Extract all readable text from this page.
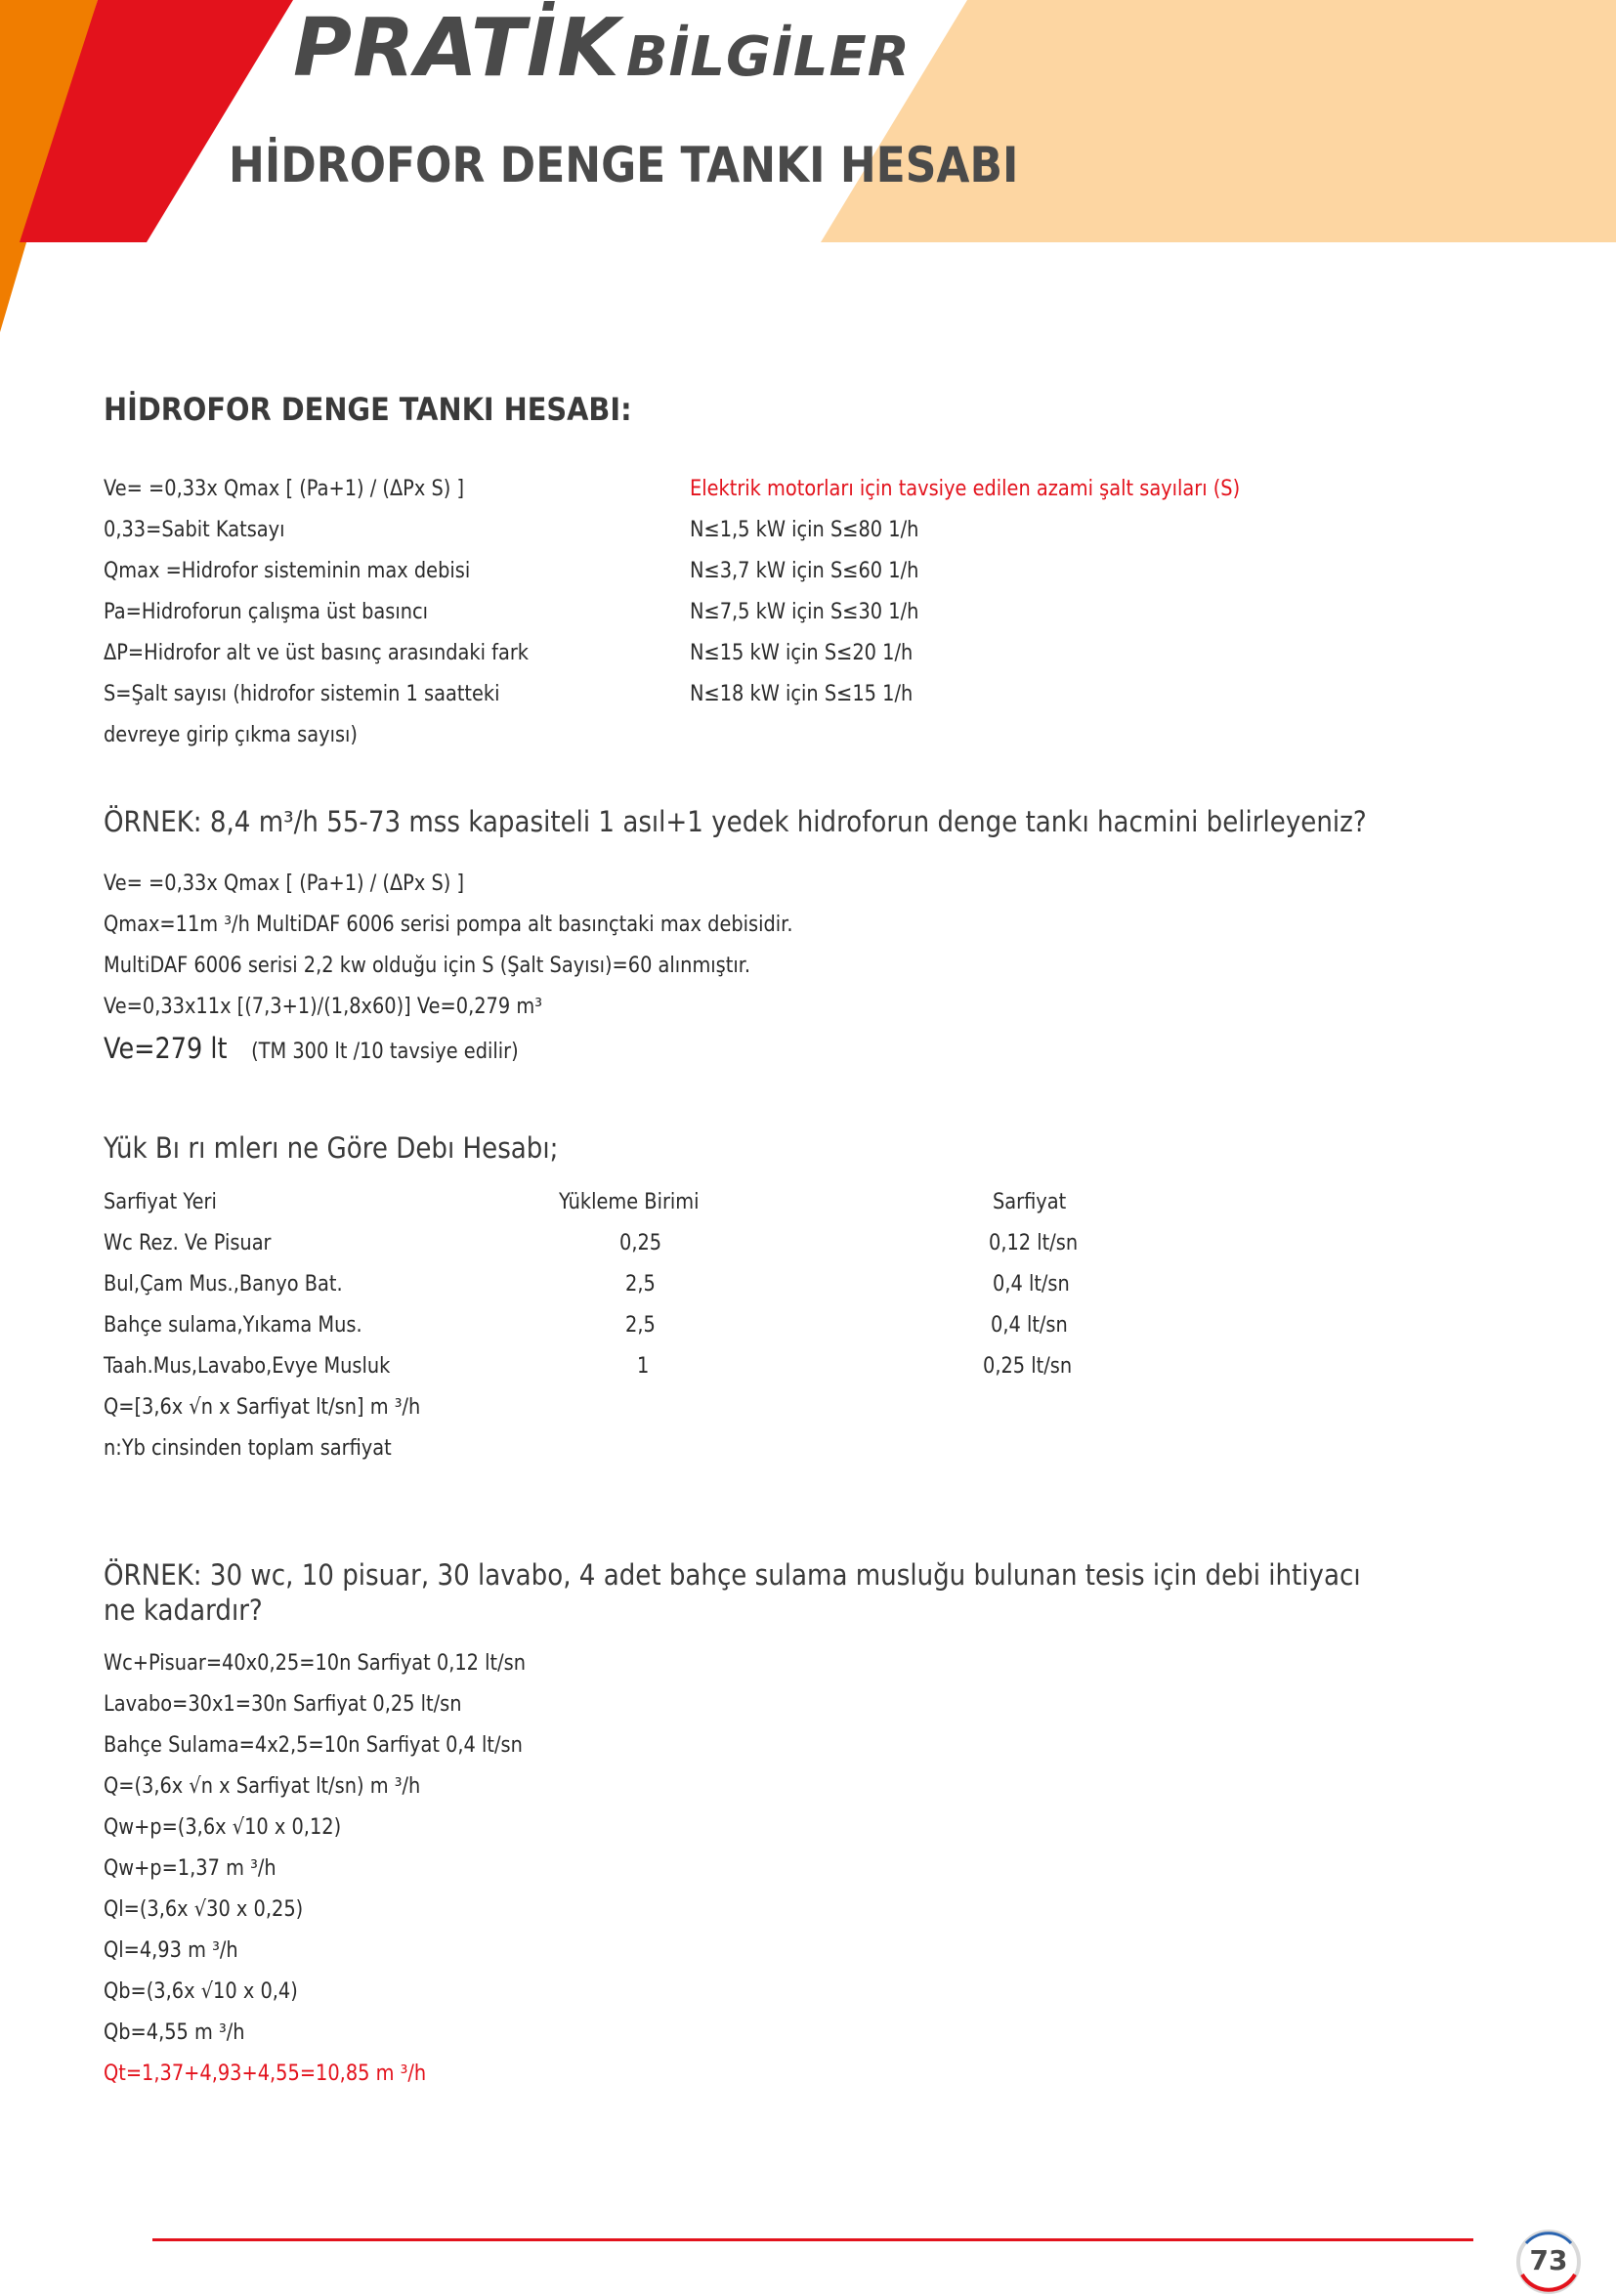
PRATİK BİLGİLER
HİDROFOR DENGE TANKI HESABI
HİDROFOR DENGE TANKI HESABI:
Ve= =0,33x Qmax [ (Pa+1) / (ΔPx S) ]
0,33=Sabit Katsayı
Qmax =Hidrofor sisteminin max debisi
Pa=Hidroforun çalışma üst basıncı
ΔP=Hidrofor alt ve üst basınç arasındaki fark
S=Şalt sayısı (hidrofor sistemin 1 saatteki
devreye girip çıkma sayısı)
Elektrik motorları için tavsiye edilen azami şalt sayıları (S)
N≤1,5 kW için S≤80 1/h
N≤3,7 kW için S≤60 1/h
N≤7,5 kW için S≤30 1/h
N≤15 kW için S≤20 1/h
N≤18 kW için S≤15 1/h
ÖRNEK: 8,4 m³/h 55-73 mss kapasiteli 1 asıl+1 yedek hidroforun denge tankı hacmini belirleyeniz?
Ve= =0,33x Qmax [ (Pa+1) / (ΔPx S) ]
Qmax=11m ³/h MultiDAF 6006 serisi pompa alt basınçtaki max debisidir.
MultiDAF 6006 serisi 2,2 kw olduğu için S (Şalt Sayısı)=60 alınmıştır.
Ve=0,33x11x [(7,3+1)/(1,8x60)] Ve=0,279 m³
Ve=279 lt (TM 300 lt /10 tavsiye edilir)
Yük Bı rı mlerı ne Göre Debı Hesabı;
Sarfiyat Yeri	Yükleme Birimi	Sarfiyat
Wc Rez. Ve Pisuar	0,25	0,12 lt/sn
Bul,Çam Mus.,Banyo Bat.	2,5	0,4 lt/sn
Bahçe sulama,Yıkama Mus.	2,5	0,4 lt/sn
Taah.Mus,Lavabo,Evye Musluk	1	0,25 lt/sn
Q=[3,6x √n x Sarfiyat lt/sn] m ³/h
n:Yb cinsinden toplam sarfiyat
ÖRNEK: 30 wc, 10 pisuar, 30 lavabo, 4 adet bahçe sulama musluğu bulunan tesis için debi ihtiyacı
ne kadardır?
Wc+Pisuar=40x0,25=10n Sarfiyat 0,12 lt/sn
Lavabo=30x1=30n Sarfiyat 0,25 lt/sn
Bahçe Sulama=4x2,5=10n Sarfiyat 0,4 lt/sn
Q=(3,6x √n x Sarfiyat lt/sn) m ³/h
Qw+p=(3,6x √10 x 0,12)
Qw+p=1,37 m ³/h
Ql=(3,6x √30 x 0,25)
Ql=4,93 m ³/h
Qb=(3,6x √10 x 0,4)
Qb=4,55 m ³/h
Qt=1,37+4,93+4,55=10,85 m ³/h
73
